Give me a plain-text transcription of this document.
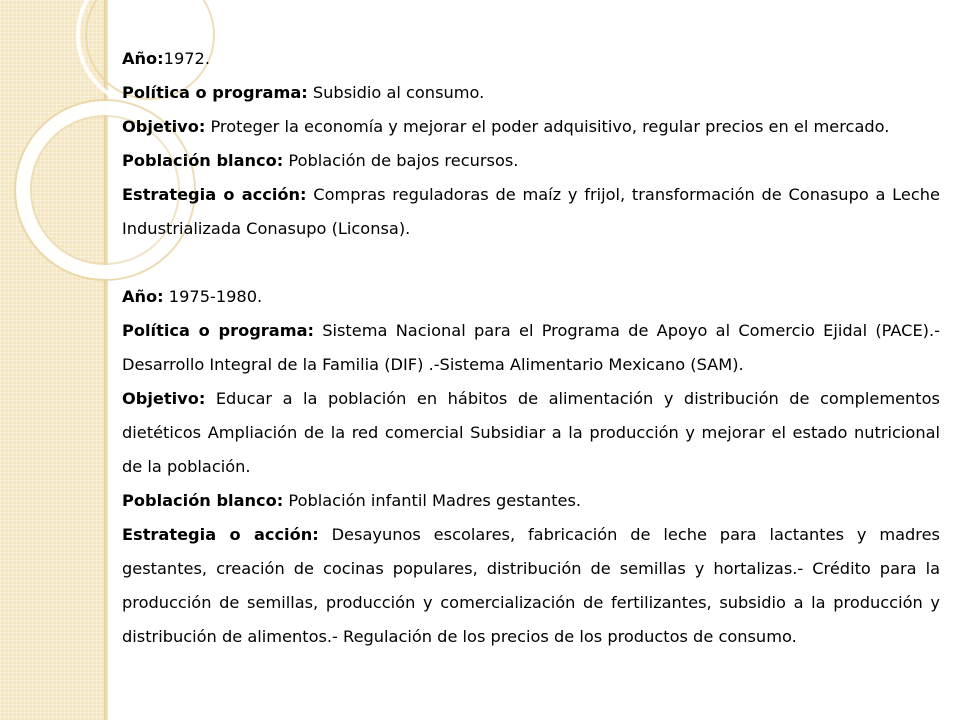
Año:1972.

Política o programa: Subsidio al consumo.

Objetivo: Proteger la economía y mejorar el poder adquisitivo, regular precios en el mercado.

Población blanco: Población de bajos recursos.

Estrategia o acción: Compras reguladoras de maíz y frijol, transformación de Conasupo a Leche Industrializada Conasupo (Liconsa).

Año: 1975-1980.

Política o programa: Sistema Nacional para el Programa de Apoyo al Comercio Ejidal (PACE).- Desarrollo Integral de la Familia (DIF) .-Sistema Alimentario Mexicano (SAM).

Objetivo: Educar a la población en hábitos de alimentación y distribución de complementos dietéticos Ampliación de la red comercial Subsidiar a la producción y mejorar el estado nutricional de la población.

Población blanco: Población infantil Madres gestantes.

Estrategia o acción: Desayunos escolares, fabricación de leche para lactantes y madres gestantes, creación de cocinas populares, distribución de semillas y hortalizas.- Crédito para la producción de semillas, producción y comercialización de fertilizantes, subsidio a la producción y distribución de alimentos.- Regulación de los precios de los productos de consumo.
